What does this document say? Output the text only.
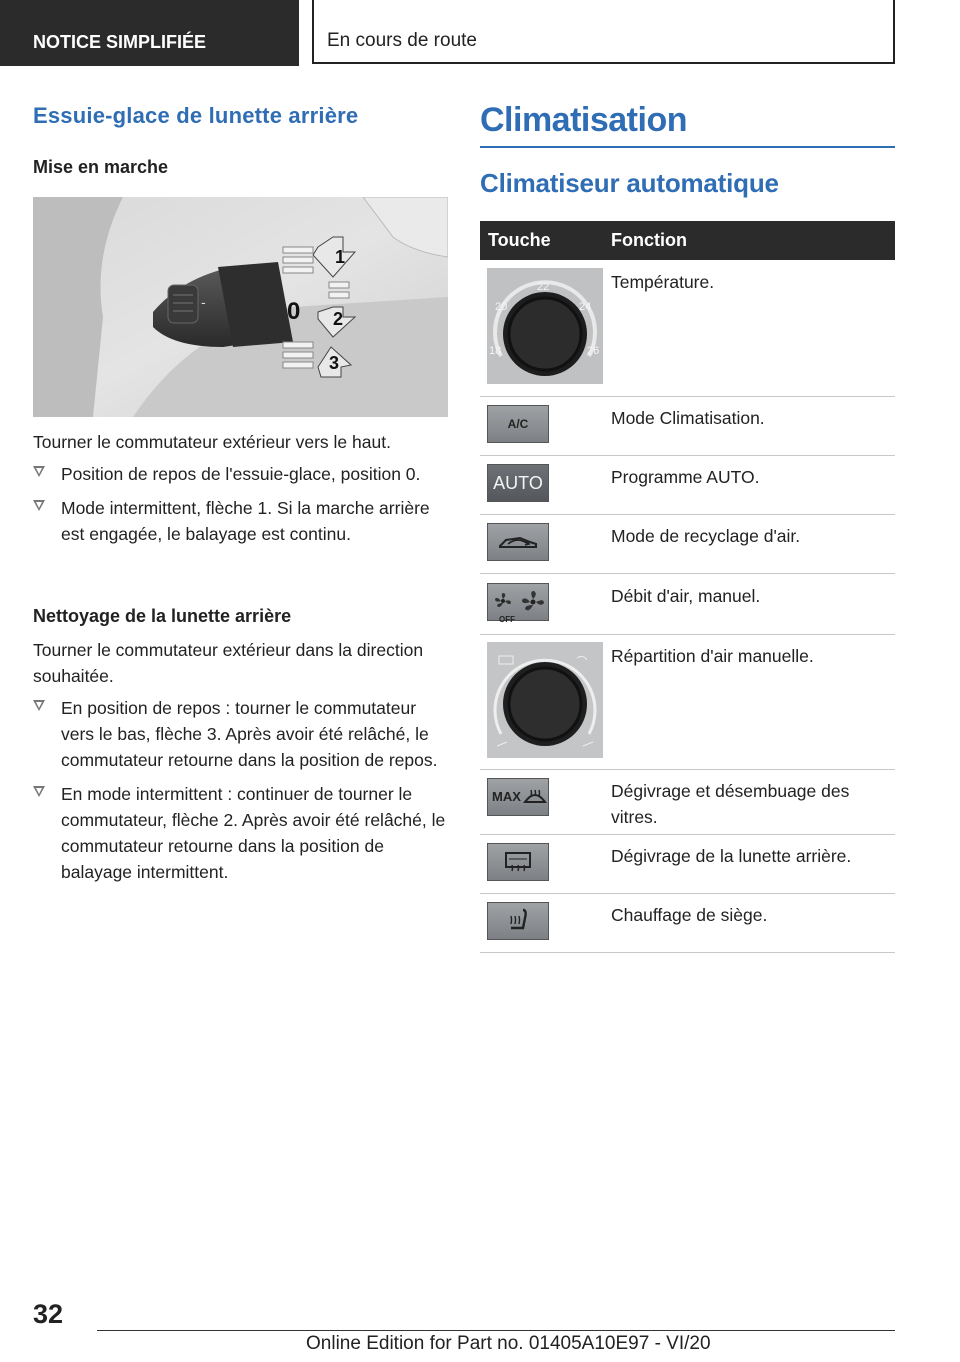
NOTICE SIMPLIFIÉE	En cours de route
Essuie-glace de lunette arrière
Mise en marche
-
1
0 2
3

Tourner le commutateur extérieur vers le haut.

Position de repos de l'essuie-glace, position 0.
Mode intermittent, flèche 1. Si la marche arrière est engagée, le balayage est continu.
Nettoyage de la lunette arrière

Tourner le commutateur extérieur dans la direction souhaitée.

En position de repos : tourner le commutateur vers le bas, flèche 3. Après avoir été relâché, le commutateur retourne dans la position de repos.
En mode intermittent : continuer de tourner le commutateur, flèche 2. Après avoir été relâché, le commutateur retourne dans la position de balayage intermittent.
Climatisation
Climatiseur automatique
Touche	Fonction
20
22
24
18	26
Température.
A/C	Mode Climatisation.
AUTO	Programme AUTO.
Mode de recyclage d'air.
OFF
Débit d'air, manuel.
Répartition d'air manuelle.
MAX	Dégivrage et désembuage des vitres.
Dégivrage de la lunette arrière.
Chauffage de siège.
32
Online Edition for Part no. 01405A10E97 - VI/20
